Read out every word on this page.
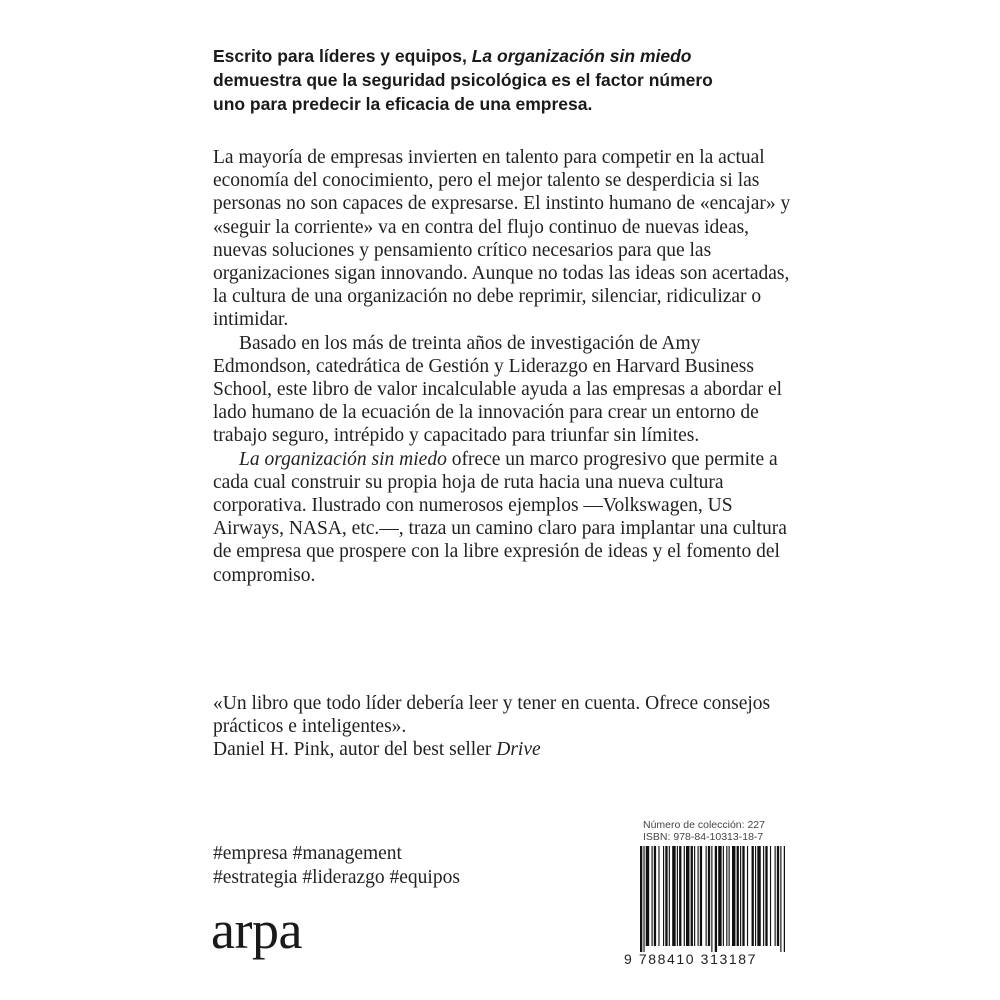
Escrito para líderes y equipos, La organización sin miedo demuestra que la seguridad psicológica es el factor número uno para predecir la eficacia de una empresa.

La mayoría de empresas invierten en talento para competir en la actual economía del conocimiento, pero el mejor talento se desperdicia si las personas no son capaces de expresarse. El instinto humano de «encajar» y «seguir la corriente» va en contra del flujo continuo de nuevas ideas, nuevas soluciones y pensamiento crítico necesarios para que las organizaciones sigan innovando. Aunque no todas las ideas son acertadas, la cultura de una organización no debe reprimir, silenciar, ridiculizar o intimidar.

Basado en los más de treinta años de investigación de Amy Edmondson, catedrática de Gestión y Liderazgo en Harvard Business School, este libro de valor incalculable ayuda a las empresas a abordar el lado humano de la ecuación de la innovación para crear un entorno de trabajo seguro, intrépido y capacitado para triunfar sin límites.

La organización sin miedo ofrece un marco progresivo que permite a cada cual construir su propia hoja de ruta hacia una nueva cultura corporativa. Ilustrado con numerosos ejemplos —Volkswagen, US Airways, NASA, etc.—, traza un camino claro para implantar una cultura de empresa que prospere con la libre expresión de ideas y el fomento del compromiso.

«Un libro que todo líder debería leer y tener en cuenta. Ofrece consejos prácticos e inteligentes».

Daniel H. Pink, autor del best seller Drive

#empresa #management

#estrategia #liderazgo #equipos

arpa
Número de colección: 227
ISBN: 978-84-10313-18-7
9 788410 313187
